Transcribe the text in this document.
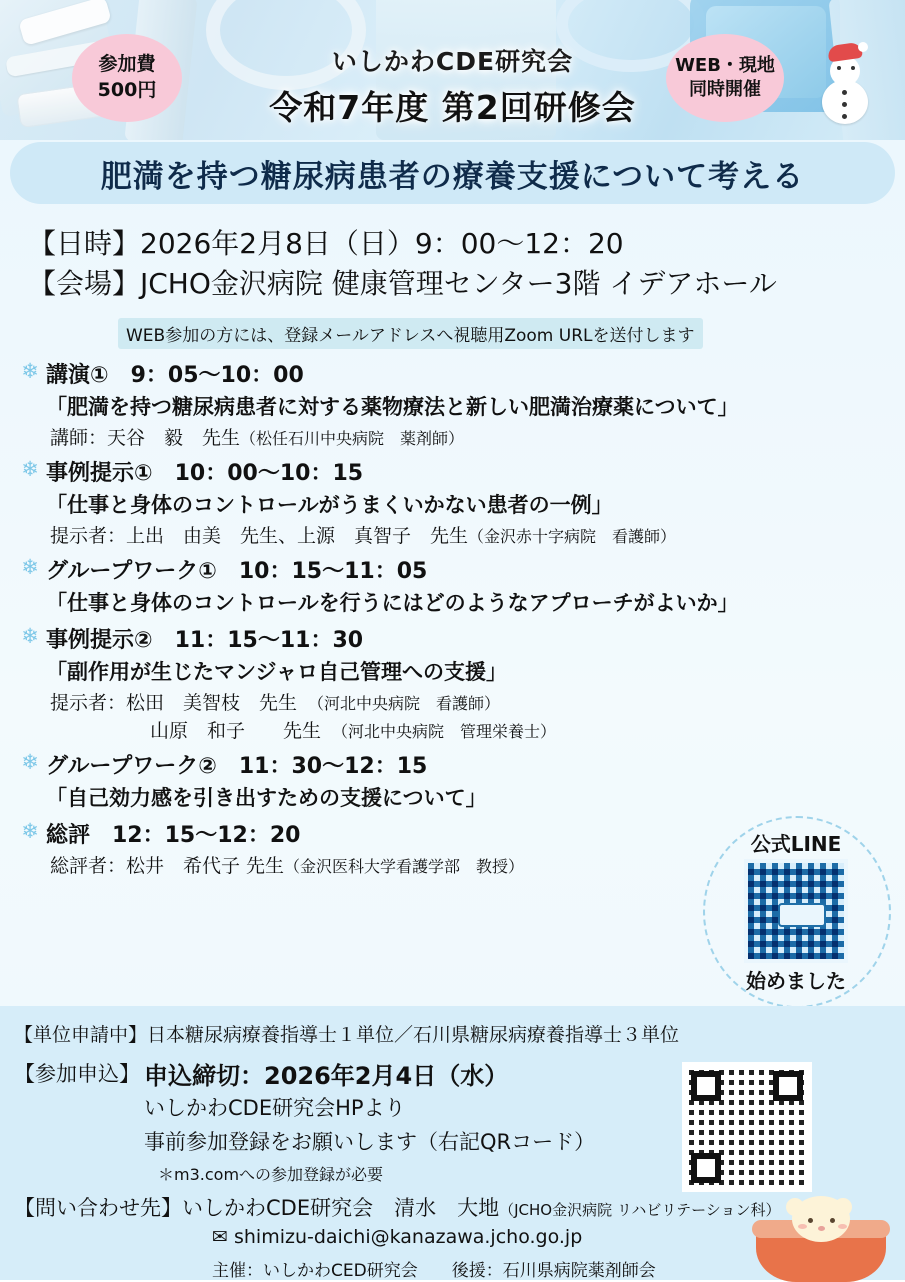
いしかわCDE研究会
令和7年度 第2回研修会
参加費
500円
WEB・現地
同時開催
肥満を持つ糖尿病患者の療養支援について考える
【日時】2026年2月8日（日）9：00～12：20
【会場】JCHO金沢病院 健康管理センター3階 イデアホール
WEB参加の方には、登録メールアドレスへ視聴用Zoom URLを送付します
❄ 講演①　9：05～10：00
「肥満を持つ糖尿病患者に対する薬物療法と新しい肥満治療薬について」
講師：天谷　毅　先生（松任石川中央病院　薬剤師）
❄ 事例提示①　10：00～10：15
「仕事と身体のコントロールがうまくいかない患者の一例」
提示者：上出　由美　先生、上源　真智子　先生（金沢赤十字病院　看護師）
❄ グループワーク①　10：15～11：05
「仕事と身体のコントロールを行うにはどのようなアプローチがよいか」
❄ 事例提示②　11：15～11：30
「副作用が生じたマンジャロ自己管理への支援」
提示者：松田　美智枝　先生　 （河北中央病院　看護師）
山原　和子　　先生　 （河北中央病院　管理栄養士）
❄ グループワーク②　11：30～12：15
「自己効力感を引き出すための支援について」
❄ 総評　12：15～12：20
総評者：松井　希代子 先生（金沢医科大学看護学部　教授）
公式LINE
始めました
【単位申請中】日本糖尿病療養指導士１単位／石川県糖尿病療養指導士３単位
【参加申込】 申込締切：2026年2月4日（水）
いしかわCDE研究会HPより
事前参加登録をお願いします（右記QRコード）
＊m3.comへの参加登録が必要
【問い合わせ先】いしかわCDE研究会　清水　大地（JCHO金沢病院 リハビリテーション科）
✉ shimizu-daichi@kanazawa.jcho.go.jp
主催：いしかわCED研究会　　後援：石川県病院薬剤師会
